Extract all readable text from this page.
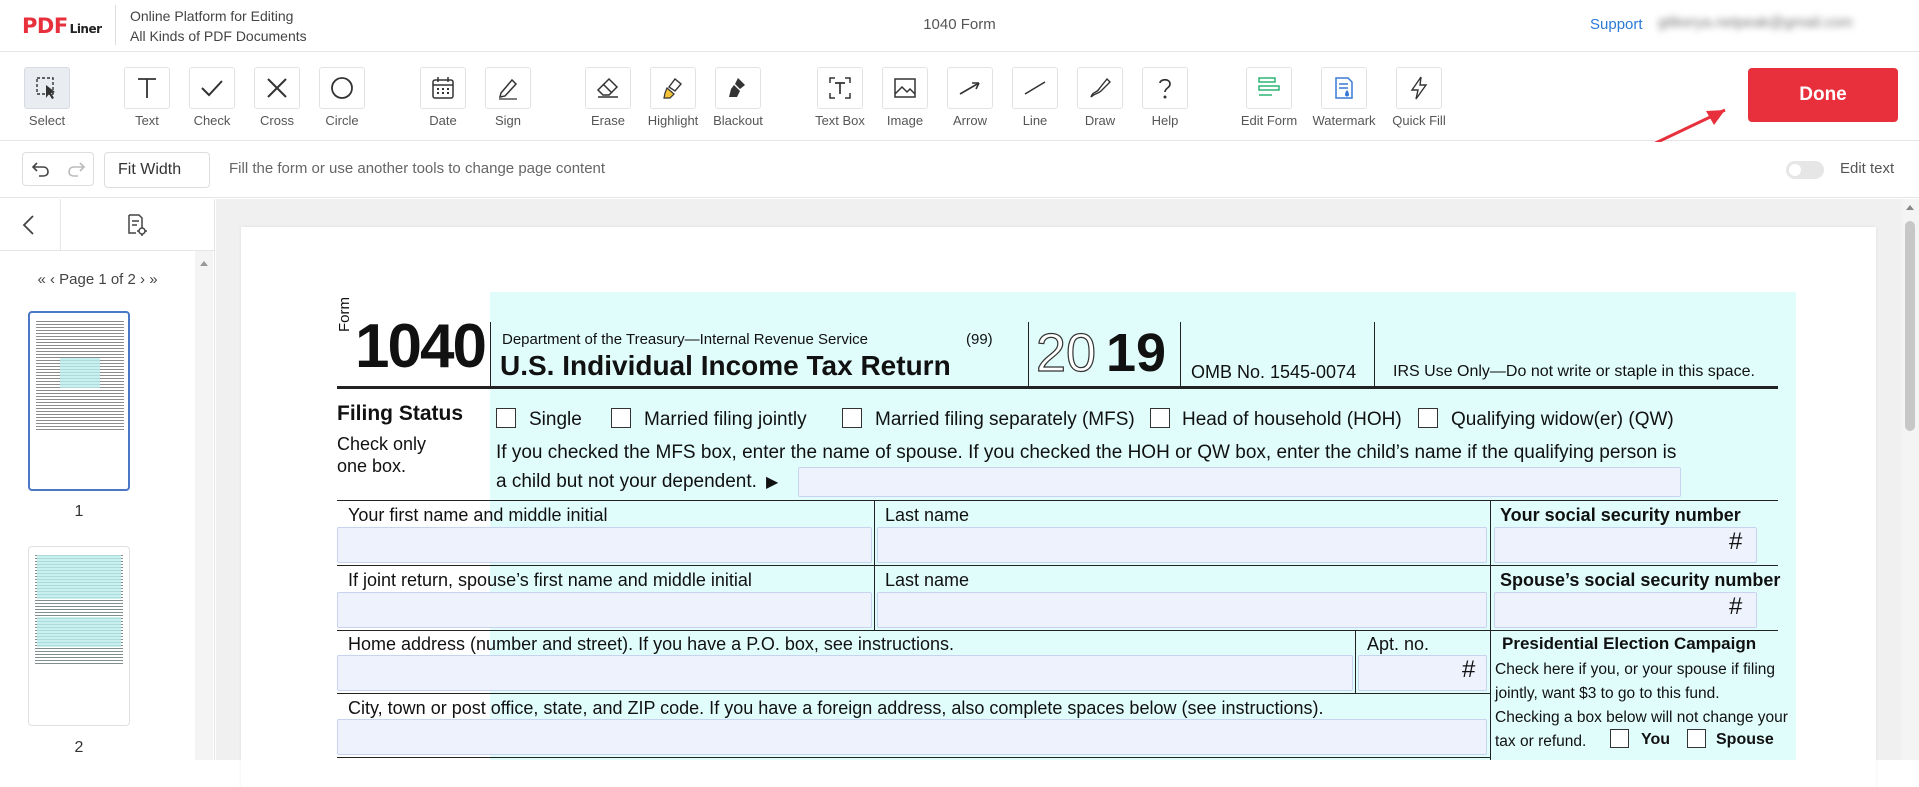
PDF Liner
Online Platform for Editing
All Kinds of PDF Documents
1040 Form	Support g6kerya.netpeak@gmail.com
Select	Text	Check	Cross	Circle	Date	Sign	Erase	Highlight	Blackout	Text Box	Image	Arrow	Line	Draw	Help	Edit Form	Watermark	Quick Fill
Done
Fit Width	Fill the form or use another tools to change page content	Edit text
« ‹ Page 1 of 2 › »
1
2
Form 1040 Department of the Treasury—Internal Revenue Service	(99)
U.S. Individual Income Tax Return 20 19 OMB No. 1545-0074 IRS Use Only—Do not write or staple in this space.
Filing Status
Check only
one box.
Single	Married filing jointly	Married filing separately (MFS) Head of household (HOH)	Qualifying widow(er) (QW)
If you checked the MFS box, enter the name of spouse. If you checked the HOH or QW box, enter the child’s name if the qualifying person is
a child but not your dependent. ▶
Your first name and middle initial	Last name	Your social security number
#
If joint return, spouse’s first name and middle initial	Last name	Spouse’s social security number
#
Home address (number and street). If you have a P.O. box, see instructions.	Apt. no.
#
City, town or post office, state, and ZIP code. If you have a foreign address, also complete spaces below (see instructions).
Presidential Election Campaign
Check here if you, or your spouse if filing
jointly, want $3 to go to this fund.
Checking a box below will not change your
tax or refund.	You	Spouse
